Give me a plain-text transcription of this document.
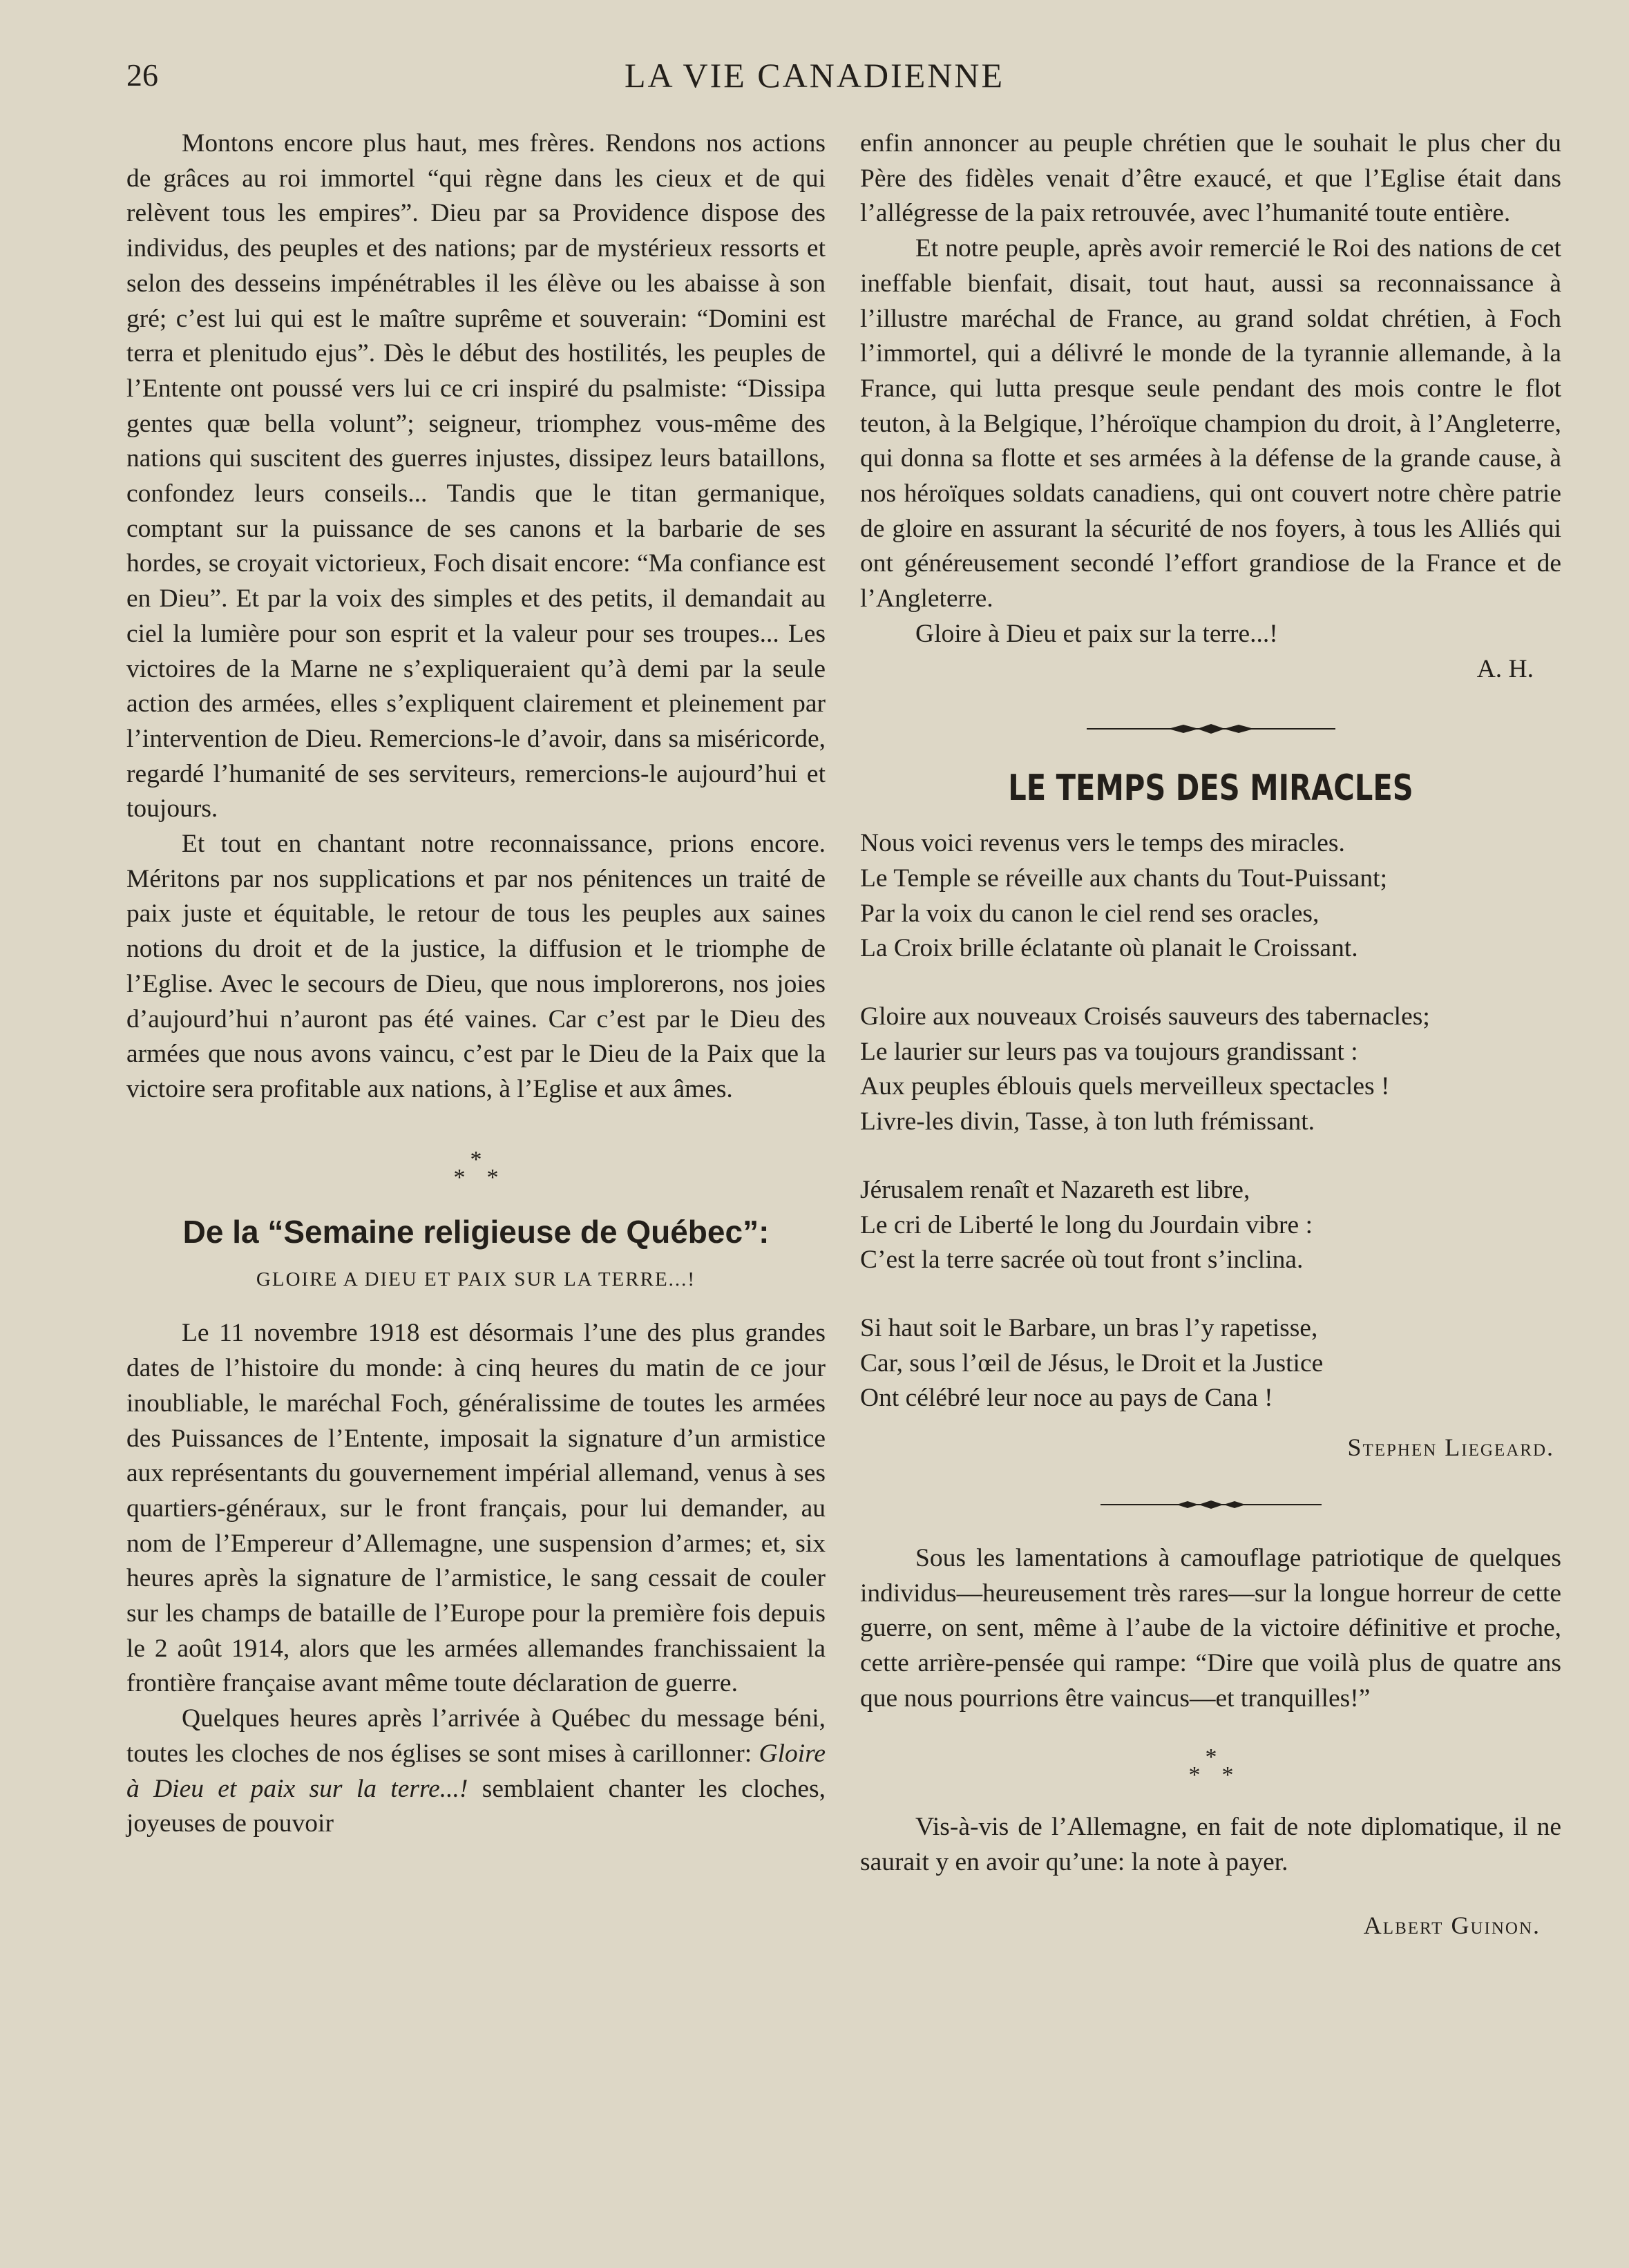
26	LA VIE CANADIENNE

Montons encore plus haut, mes frères. Rendons nos actions de grâces au roi immortel “qui règne dans les cieux et de qui relèvent tous les empires”. Dieu par sa Providence dispose des individus, des peuples et des nations; par de mystérieux ressorts et selon des desseins impénétrables il les élève ou les abaisse à son gré; c’est lui qui est le maître suprême et souverain: “Domini est terra et plenitudo ejus”. Dès le début des hostilités, les peuples de l’Entente ont poussé vers lui ce cri inspiré du psalmiste: “Dissipa gentes quæ bella volunt”; seigneur, triomphez vous-même des nations qui suscitent des guerres injustes, dissipez leurs bataillons, confondez leurs conseils... Tandis que le titan germanique, comptant sur la puissance de ses canons et la barbarie de ses hordes, se croyait victorieux, Foch disait encore: “Ma confiance est en Dieu”. Et par la voix des simples et des petits, il demandait au ciel la lumière pour son esprit et la valeur pour ses troupes... Les victoires de la Marne ne s’expliqueraient qu’à demi par la seule action des armées, elles s’expliquent clairement et pleinement par l’intervention de Dieu. Remercions-le d’avoir, dans sa miséricorde, regardé l’humanité de ses serviteurs, remercions-le aujourd’hui et toujours.

Et tout en chantant notre reconnaissance, prions encore. Méritons par nos supplications et par nos pénitences un traité de paix juste et équitable, le retour de tous les peuples aux saines notions du droit et de la justice, la diffusion et le triomphe de l’Eglise. Avec le secours de Dieu, que nous implorerons, nos joies d’aujourd’hui n’auront pas été vaines. Car c’est par le Dieu des armées que nous avons vaincu, c’est par le Dieu de la Paix que la victoire sera profitable aux nations, à l’Eglise et aux âmes.

*
* *
De la “Semaine religieuse de Québec”:
GLOIRE A DIEU ET PAIX SUR LA TERRE...!

Le 11 novembre 1918 est désormais l’une des plus grandes dates de l’histoire du monde: à cinq heures du matin de ce jour inoubliable, le maréchal Foch, généralissime de toutes les armées des Puissances de l’Entente, imposait la signature d’un armistice aux représentants du gouvernement impérial allemand, venus à ses quartiers-généraux, sur le front français, pour lui demander, au nom de l’Empereur d’Allemagne, une suspension d’armes; et, six heures après la signature de l’armistice, le sang cessait de couler sur les champs de bataille de l’Europe pour la première fois depuis le 2 août 1914, alors que les armées allemandes franchissaient la frontière française avant même toute déclaration de guerre.

Quelques heures après l’arrivée à Québec du message béni, toutes les cloches de nos églises se sont mises à carillonner: Gloire à Dieu et paix sur la terre...! semblaient chanter les cloches, joyeuses de pouvoir

enfin annoncer au peuple chrétien que le souhait le plus cher du Père des fidèles venait d’être exaucé, et que l’Eglise était dans l’allégresse de la paix retrouvée, avec l’humanité toute entière.

Et notre peuple, après avoir remercié le Roi des nations de cet ineffable bienfait, disait, tout haut, aussi sa reconnaissance à l’illustre maréchal de France, au grand soldat chrétien, à Foch l’immortel, qui a délivré le monde de la tyrannie allemande, à la France, qui lutta presque seule pendant des mois contre le flot teuton, à la Belgique, l’héroïque champion du droit, à l’Angleterre, qui donna sa flotte et ses armées à la défense de la grande cause, à nos héroïques soldats canadiens, qui ont couvert notre chère patrie de gloire en assurant la sécurité de nos foyers, à tous les Alliés qui ont généreusement secondé l’effort grandiose de la France et de l’Angleterre.

Gloire à Dieu et paix sur la terre...!

A. H.
LE TEMPS DES MIRACLES

Nous voici revenus vers le temps des miracles.

Le Temple se réveille aux chants du Tout-Puissant;

Par la voix du canon le ciel rend ses oracles,

La Croix brille éclatante où planait le Croissant.

Gloire aux nouveaux Croisés sauveurs des tabernacles;

Le laurier sur leurs pas va toujours grandissant :

Aux peuples éblouis quels merveilleux spectacles !

Livre-les divin, Tasse, à ton luth frémissant.

Jérusalem renaît et Nazareth est libre,

Le cri de Liberté le long du Jourdain vibre :

C’est la terre sacrée où tout front s’inclina.

Si haut soit le Barbare, un bras l’y rapetisse,

Car, sous l’œil de Jésus, le Droit et la Justice

Ont célébré leur noce au pays de Cana !

Stephen Liegeard.

Sous les lamentations à camouflage patriotique de quelques individus—heureusement très rares—sur la longue horreur de cette guerre, on sent, même à l’aube de la victoire définitive et proche, cette arrière-pensée qui rampe: “Dire que voilà plus de quatre ans que nous pourrions être vaincus—et tranquilles!”

*
* *

Vis-à-vis de l’Allemagne, en fait de note diplomatique, il ne saurait y en avoir qu’une: la note à payer.

Albert Guinon.
